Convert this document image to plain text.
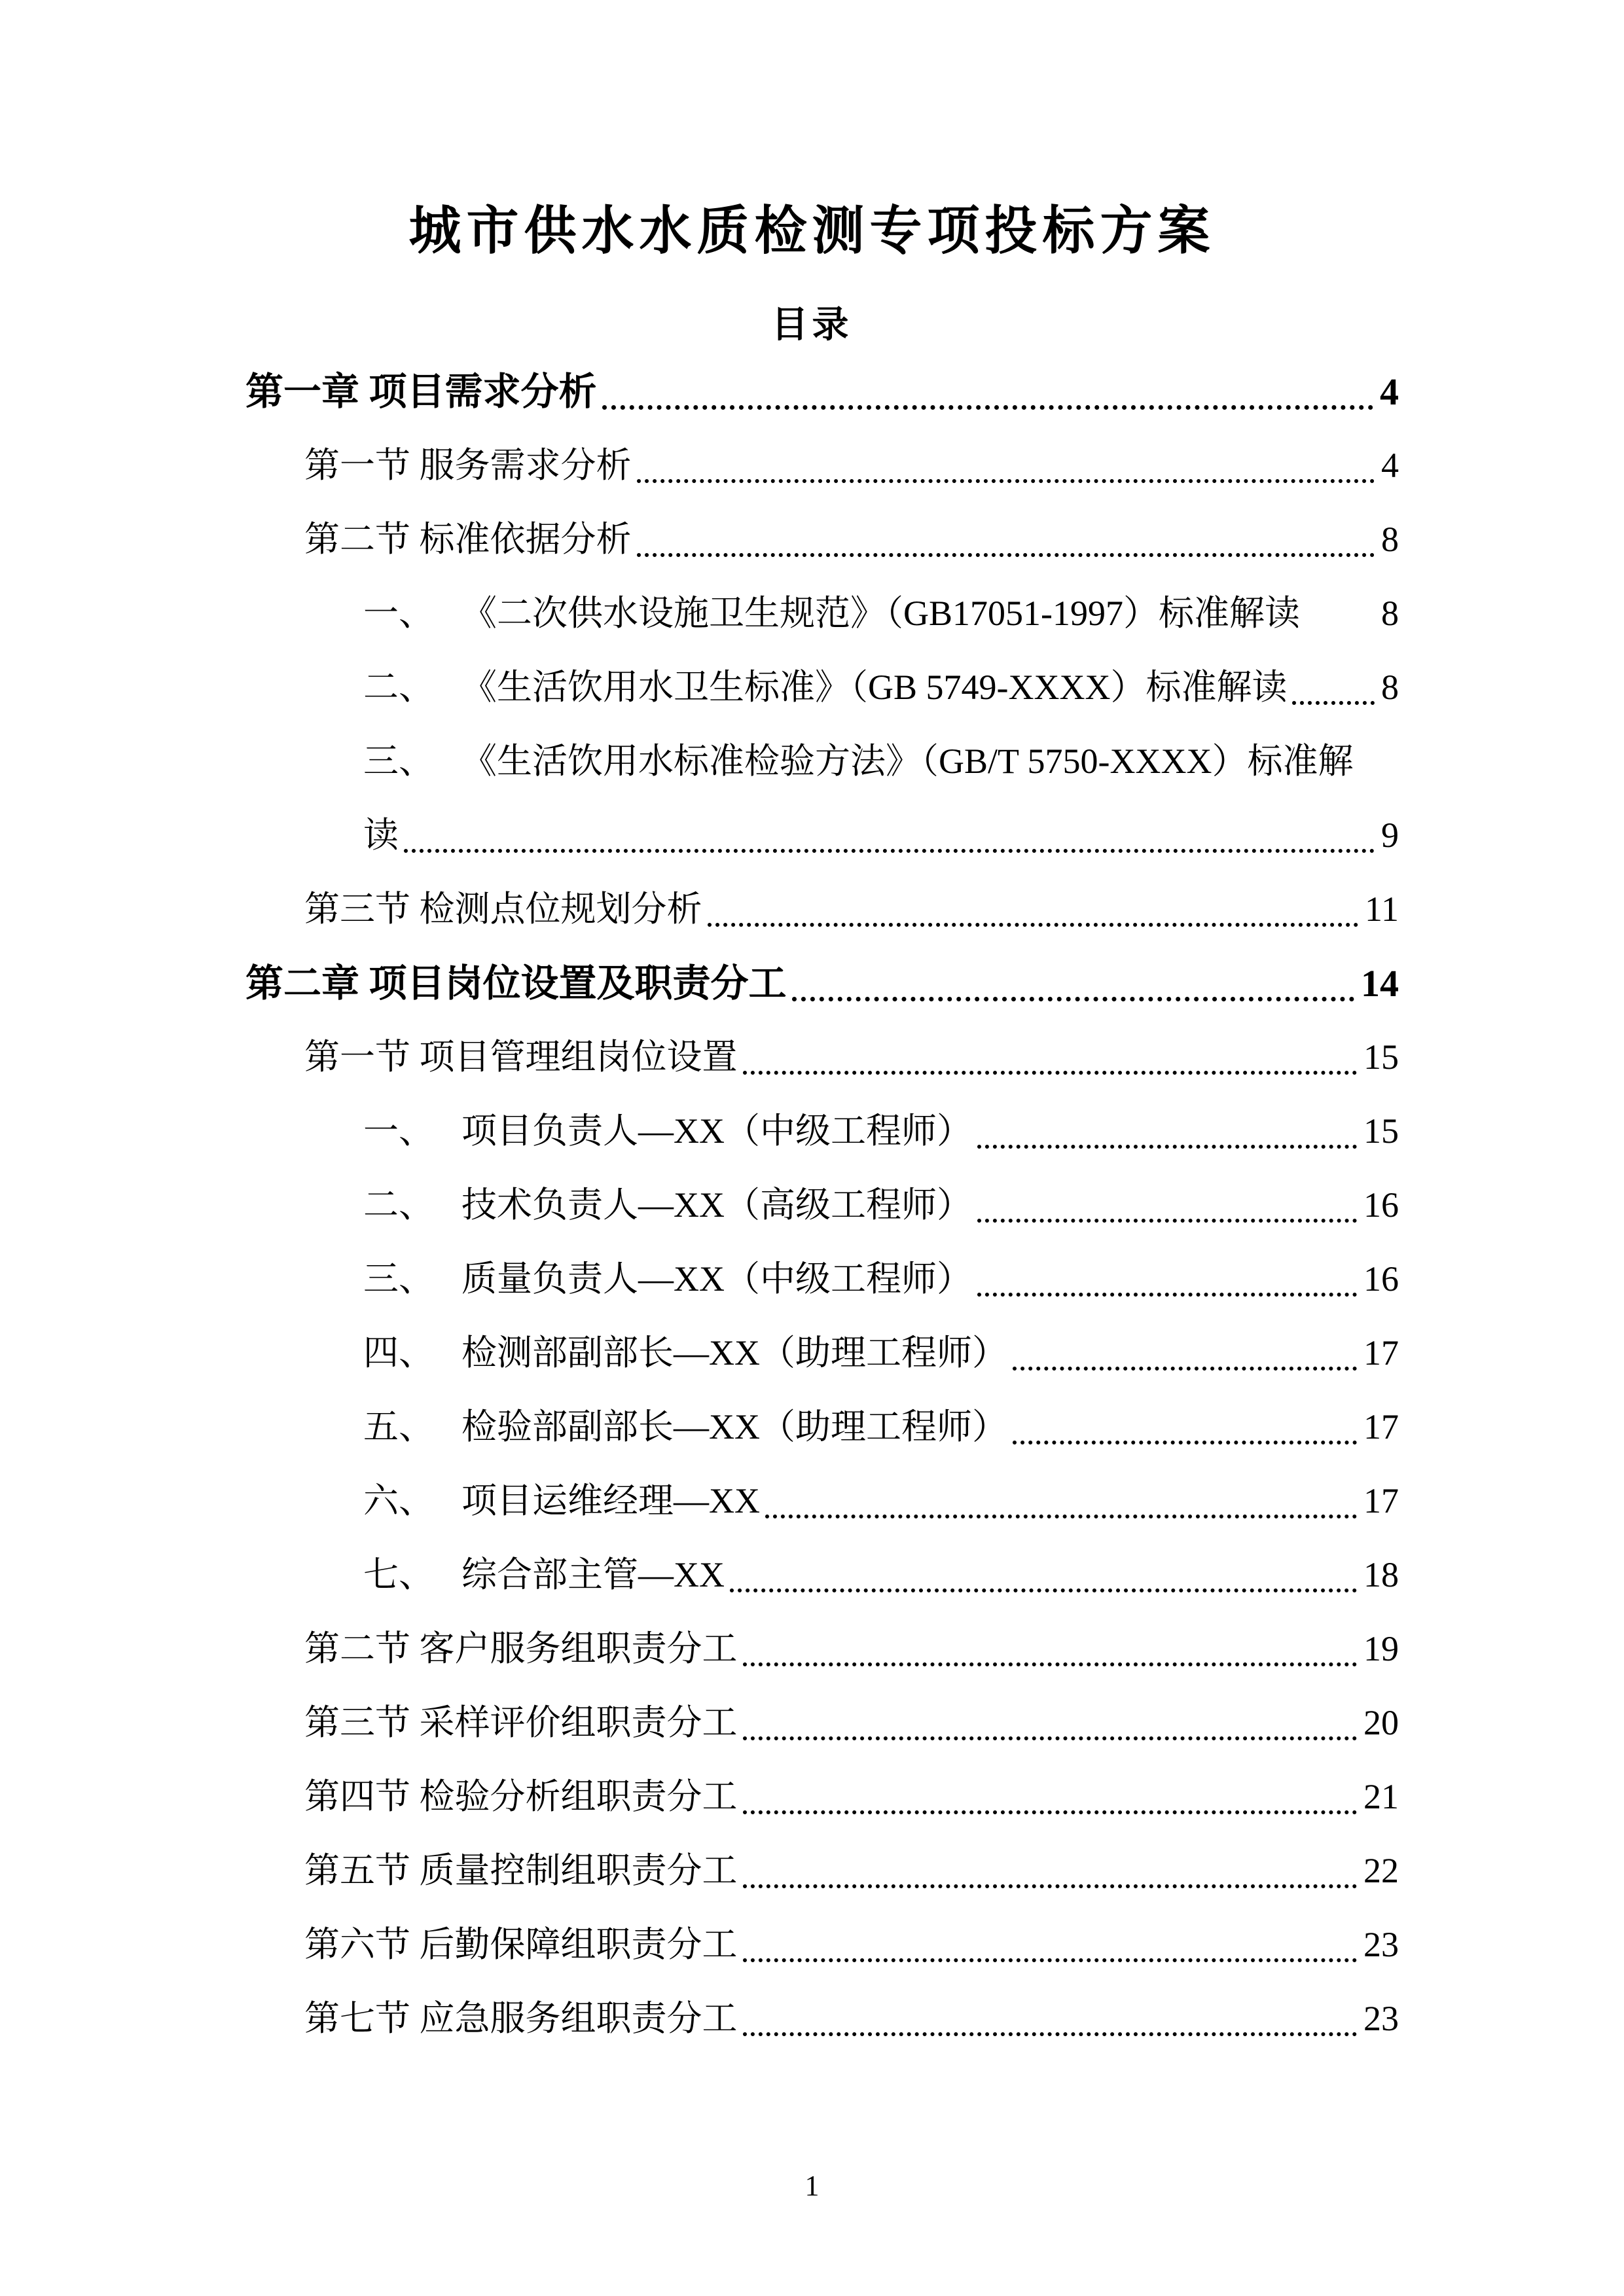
城市供水水质检测专项投标方案
目录
第一章 项目需求分析	4
第一节 服务需求分析	4
第二节 标准依据分析	8
一、 《二次供水设施卫生规范》（GB17051-1997）标准解读 8
二、 《生活饮用水卫生标准》（GB 5749-XXXX）标准解读	8
三、 《生活饮用水标准检验方法》（GB/T 5750-XXXX）标准解
读	9
第三节 检测点位规划分析	11
第二章 项目岗位设置及职责分工	14
第一节 项目管理组岗位设置	15
一、 项目负责人—XX（中级工程师）	15
二、 技术负责人—XX（高级工程师）	16
三、 质量负责人—XX（中级工程师）	16
四、 检测部副部长—XX（助理工程师）	17
五、 检验部副部长—XX（助理工程师）	17
六、 项目运维经理—XX	17
七、 综合部主管—XX	18
第二节 客户服务组职责分工	19
第三节 采样评价组职责分工	20
第四节 检验分析组职责分工	21
第五节 质量控制组职责分工	22
第六节 后勤保障组职责分工	23
第七节 应急服务组职责分工	23
1
